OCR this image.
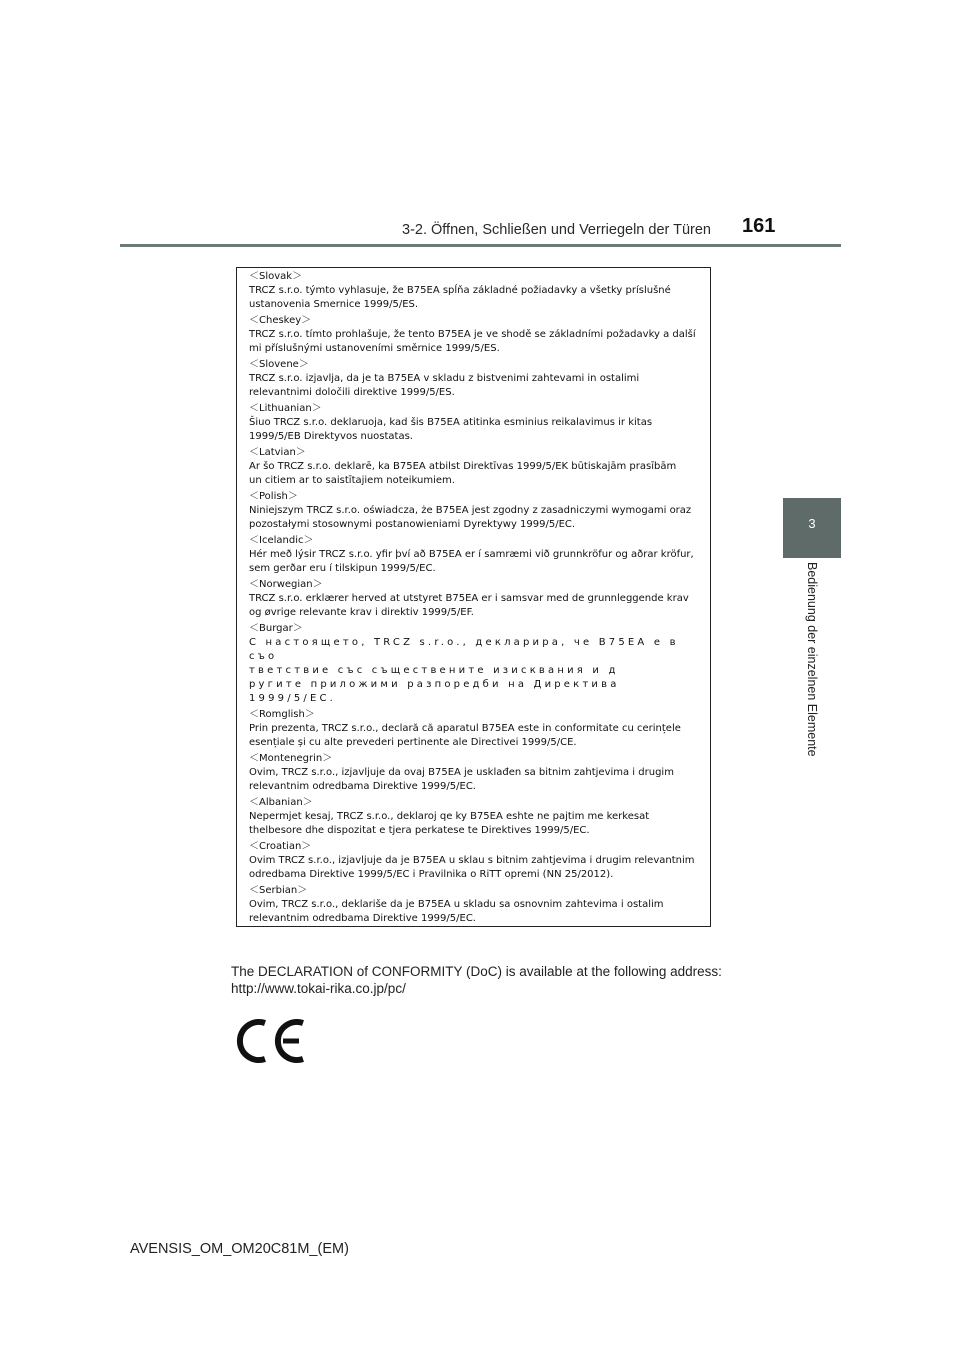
3-2. Öffnen, Schließen und Verriegeln der Türen 161
3
Bedienung der einzelnen Elemente
＜Slovak＞
TRCZ s.r.o. týmto vyhlasuje, že B75EA spĺňa základné požiadavky a všetky príslušné
ustanovenia Smernice 1999/5/ES.
＜Cheskey＞
TRCZ s.r.o. tímto prohlašuje, že tento B75EA je ve shodě se základními požadavky a další
mi příslušnými ustanoveními směrnice 1999/5/ES.
＜Slovene＞
TRCZ s.r.o. izjavlja, da je ta B75EA v skladu z bistvenimi zahtevami in ostalimi
relevantnimi določili direktive 1999/5/ES.
＜Lithuanian＞
Šiuo TRCZ s.r.o. deklaruoja, kad šis B75EA atitinka esminius reikalavimus ir kitas
1999/5/EB Direktyvos nuostatas.
＜Latvian＞
Ar šo TRCZ s.r.o. deklarē, ka B75EA atbilst Direktīvas 1999/5/EK būtiskajām prasībām
un citiem ar to saistītajiem noteikumiem.
＜Polish＞
Niniejszym TRCZ s.r.o. oświadcza, że B75EA jest zgodny z zasadniczymi wymogami oraz
pozostałymi stosownymi postanowieniami Dyrektywy 1999/5/EC.
＜Icelandic＞
Hér með lýsir TRCZ s.r.o. yfir því að B75EA er í samræmi við grunnkröfur og aðrar kröfur,
sem gerðar eru í tilskipun 1999/5/EC.
＜Norwegian＞
TRCZ s.r.o. erklærer herved at utstyret B75EA er i samsvar med de grunnleggende krav
og øvrige relevante krav i direktiv 1999/5/EF.
＜Burgar＞
С настоящето, TRCZ s.r.o., декларира, че B75EA е в съо
тветствие със съществените изисквания и д
ругите приложими разпоредби на Директива
1999/5/ЕС.
＜Romglish＞
Prin prezenta, TRCZ s.r.o., declară că aparatul B75EA este in conformitate cu cerințele
esențiale și cu alte prevederi pertinente ale Directivei 1999/5/CE.
＜Montenegrin＞
Ovim, TRCZ s.r.o., izjavljuje da ovaj B75EA je usklađen sa bitnim zahtjevima i drugim
relevantnim odredbama Direktive 1999/5/EC.
＜Albanian＞
Nepermjet kesaj, TRCZ s.r.o., deklaroj qe ky B75EA eshte ne pajtim me kerkesat
thelbesore dhe dispozitat e tjera perkatese te Direktives 1999/5/EC.
＜Croatian＞
Ovim TRCZ s.r.o., izjavljuje da je B75EA u sklau s bitnim zahtjevima i drugim relevantnim
odredbama Direktive 1999/5/EC i Pravilnika o RiTT opremi (NN 25/2012).
＜Serbian＞
Ovim, TRCZ s.r.o., deklariše da je B75EA u skladu sa osnovnim zahtevima i ostalim
relevantnim odredbama Direktive 1999/5/EC.
The DECLARATION of CONFORMITY (DoC) is available at the following address:
http://www.tokai-rika.co.jp/pc/
AVENSIS_OM_OM20C81M_(EM)
